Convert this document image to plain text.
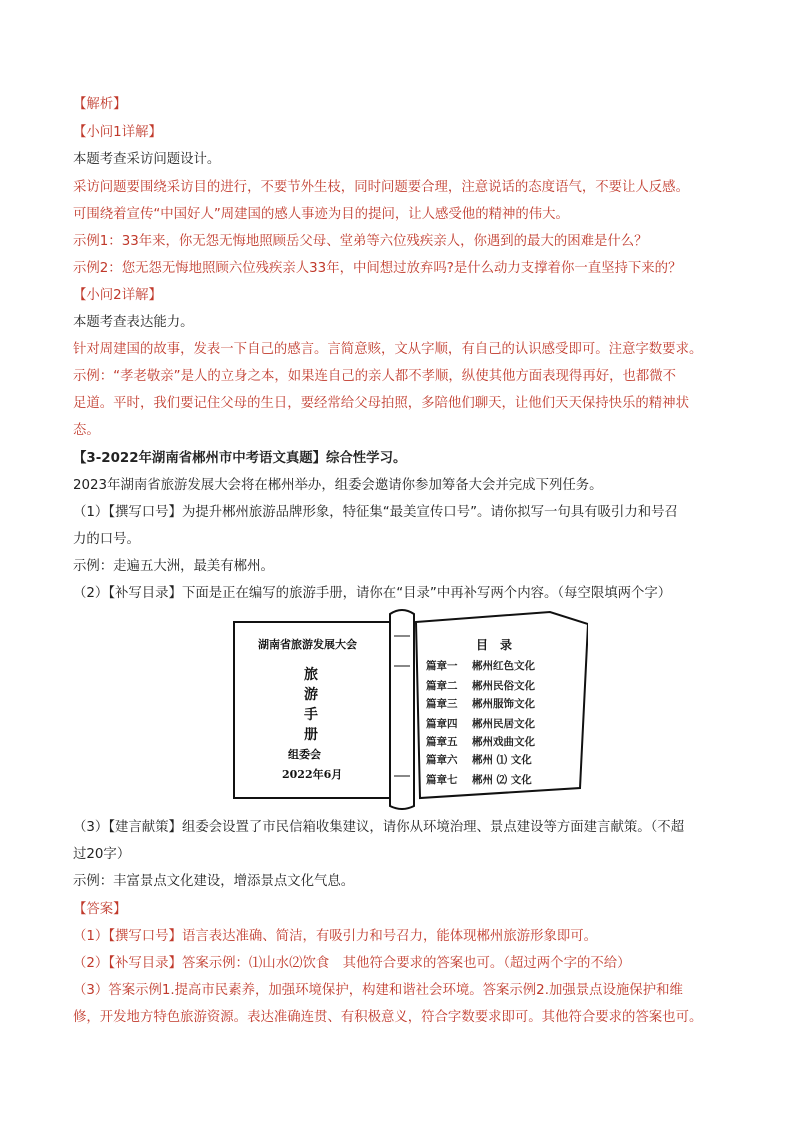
【解析】
【小问1详解】
本题考查采访问题设计。
采访问题要围绕采访目的进行，不要节外生枝，同时问题要合理，注意说话的态度语气，不要让人反感。
可围绕着宣传“中国好人”周建国的感人事迹为目的提问，让人感受他的精神的伟大。
示例1：33年来，你无怨无悔地照顾岳父母、堂弟等六位残疾亲人，你遇到的最大的困难是什么？
示例2：您无怨无悔地照顾六位残疾亲人33年，中间想过放弃吗?是什么动力支撑着你一直坚持下来的？
【小问2详解】
本题考查表达能力。
针对周建国的故事，发表一下自己的感言。言简意赅，文从字顺，有自己的认识感受即可。注意字数要求。
示例：“孝老敬亲”是人的立身之本，如果连自己的亲人都不孝顺，纵使其他方面表现得再好，也都微不
足道。平时，我们要记住父母的生日，要经常给父母拍照，多陪他们聊天，让他们天天保持快乐的精神状
态。
【3-2022年湖南省郴州市中考语文真题】综合性学习。
2023年湖南省旅游发展大会将在郴州举办，组委会邀请你参加筹备大会并完成下列任务。
（1）【撰写口号】为提升郴州旅游品牌形象，特征集“最美宣传口号”。请你拟写一句具有吸引力和号召
力的口号。
示例：走遍五大洲，最美有郴州。
（2）【补写目录】下面是正在编写的旅游手册，请你在“目录”中再补写两个内容。（每空限填两个字）
（3）【建言献策】组委会设置了市民信箱收集建议，请你从环境治理、景点建设等方面建言献策。（不超
过20字）
示例：丰富景点文化建设，增添景点文化气息。
【答案】
（1）【撰写口号】语言表达准确、简洁，有吸引力和号召力，能体现郴州旅游形象即可。
（2）【补写目录】答案示例：⑴山水⑵饮食　其他符合要求的答案也可。（超过两个字的不给）
（3）答案示例1.提高市民素养，加强环境保护，构建和谐社会环境。答案示例2.加强景点设施保护和维
修，开发地方特色旅游资源。表达准确连贯、有积极意义，符合字数要求即可。其他符合要求的答案也可。
湖南省旅游发展大会
旅
游
手
册
组委会
2022年6月
目　录
篇章一 郴州红色文化
篇章二 郴州民俗文化
篇章三 郴州服饰文化
篇章四 郴州民居文化
篇章五 郴州戏曲文化
篇章六 郴州 ⑴ 文化
篇章七 郴州 ⑵ 文化
